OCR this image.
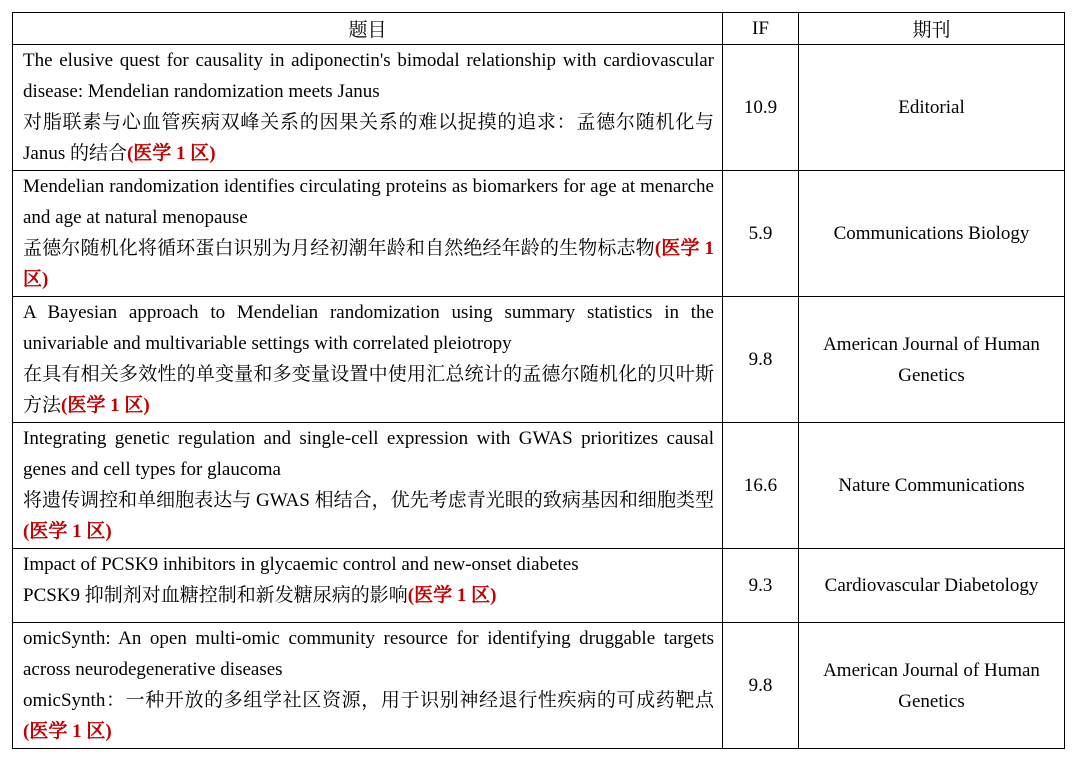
题目	IF	期刊

The elusive quest for causality in adiponectin's bimodal relationship with cardiovascular disease: Mendelian randomization meets Janus
对脂联素与心血管疾病双峰关系的因果关系的难以捉摸的追求：孟德尔随机化与 Janus 的结合(医学 1 区)	10.9	Editorial

Mendelian randomization identifies circulating proteins as biomarkers for age at menarche and age at natural menopause
孟德尔随机化将循环蛋白识别为月经初潮年龄和自然绝经年龄的生物标志物(医学 1 区)	5.9	Communications Biology

A Bayesian approach to Mendelian randomization using summary statistics in the univariable and multivariable settings with correlated pleiotropy
在具有相关多效性的单变量和多变量设置中使用汇总统计的孟德尔随机化的贝叶斯方法(医学 1 区)	9.8	American Journal of Human Genetics

Integrating genetic regulation and single-cell expression with GWAS prioritizes causal genes and cell types for glaucoma
将遗传调控和单细胞表达与 GWAS 相结合，优先考虑青光眼的致病基因和细胞类型(医学 1 区)	16.6	Nature Communications

Impact of PCSK9 inhibitors in glycaemic control and new-onset diabetes
PCSK9 抑制剂对血糖控制和新发糖尿病的影响(医学 1 区)	9.3	Cardiovascular Diabetology

omicSynth: An open multi-omic community resource for identifying druggable targets across neurodegenerative diseases
omicSynth：一种开放的多组学社区资源，用于识别神经退行性疾病的可成药靶点(医学 1 区)	9.8	American Journal of Human Genetics
